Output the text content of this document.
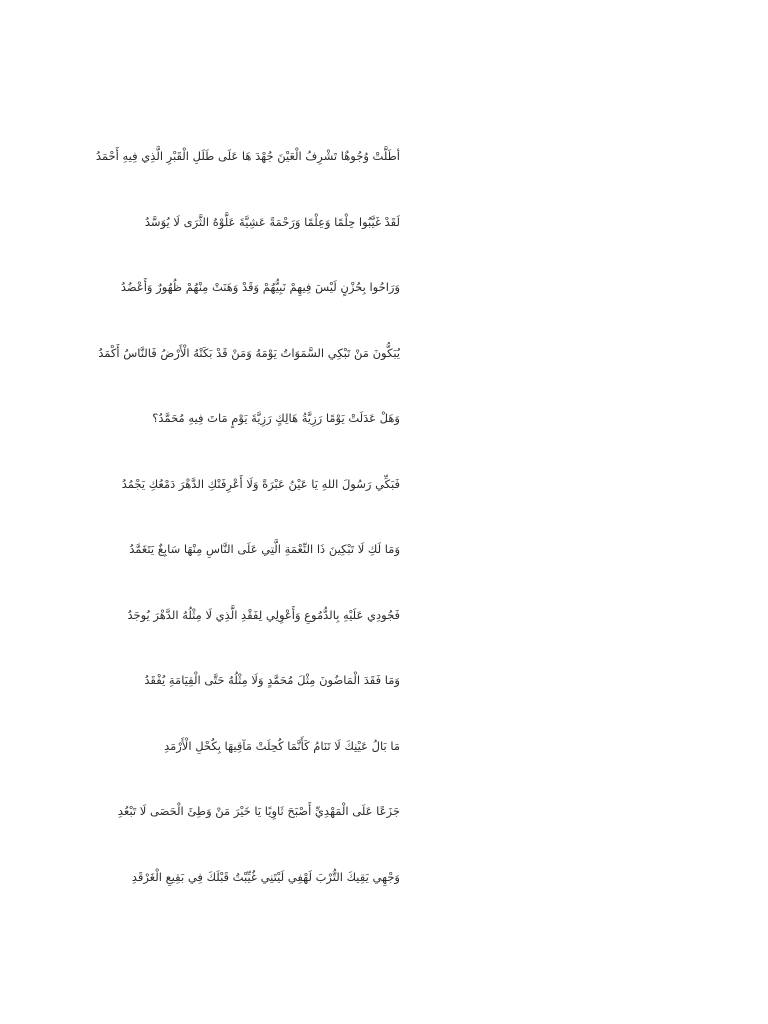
أطَلَّتْ وُجُوهٌا تَشْرِفُ الْعَيْنَ جُهْدَ هَا عَلَى طَلَلِ الْقَبْرِ الَّذِي فِيهِ أَحْمَدُ
لَقَدْ غَيَّبُوا حِلْمًا وَعِلْمًا وَرَحْمَةً عَشِيَّةَ عَلَّوْهُ الثَّرَى لَا يُوَسَّدُ
وَرَاحُوا بِحُزْنٍ لَيْسَ فِيهِمْ نَبِيُّهُمْ وَقَدْ وَهَنَتْ مِنْهُمْ ظُهُورٌ وَأَعْضُدُ
يُبَكُّونَ مَنْ تَبْكِي السَّمَوَاتُ يَوْمَهُ وَمَنْ قَدْ بَكَتْهُ الْأَرْضُ فَالنَّاسُ أَكْمَدُ
وَهَلْ عَدَلَتْ يَوْمًا رَزِيَّةُ هَالِكٍ رَزِيَّةَ يَوْمٍ مَاتَ فِيهِ مُحَمَّدُ؟
فَبَكِّي رَسُولَ اللهِ يَا عَيْنُ عَبْرَةً وَلَا أَعْرِفَنْكِ الدَّهْرَ دَمْعُكِ يَجْمُدُ
وَمَا لَكِ لَا تَبْكِينَ ذَا النِّعْمَةِ الَّتِي عَلَى النَّاسِ مِنْهَا سَابِغٌ يَتَغَمَّدُ
فَجُودِي عَلَيْهِ بِالدُّمُوعِ وَأَعْوِلِي لِفَقْدِ الَّذِي لَا مِثْلُهُ الدَّهْرَ يُوجَدُ
وَمَا فَقَدَ الْمَاضُونَ مِثْلَ مُحَمَّدٍ وَلَا مِثْلُهُ حَتَّى الْقِيَامَةِ يُفْقَدُ
مَا بَالُ عَيْنِكَ لَا تَنَامُ كَأَنَّمَا كُحِلَتْ مَآقِيهَا بِكُحْلِ الْأَرْمَدِ
جَزَعًا عَلَى الْمَهْدِيِّ أَصْبَحَ ثَاوِيًا يَا خَيْرَ مَنْ وَطِئَ الْحَصَى لَا تَبْعُدِ
وَجْهِي يَقِيكَ التُّرْبَ لَهْفِي لَيْتَنِي غُيِّبْتُ قَبْلَكَ فِي بَقِيعِ الْغَرْقَدِ
